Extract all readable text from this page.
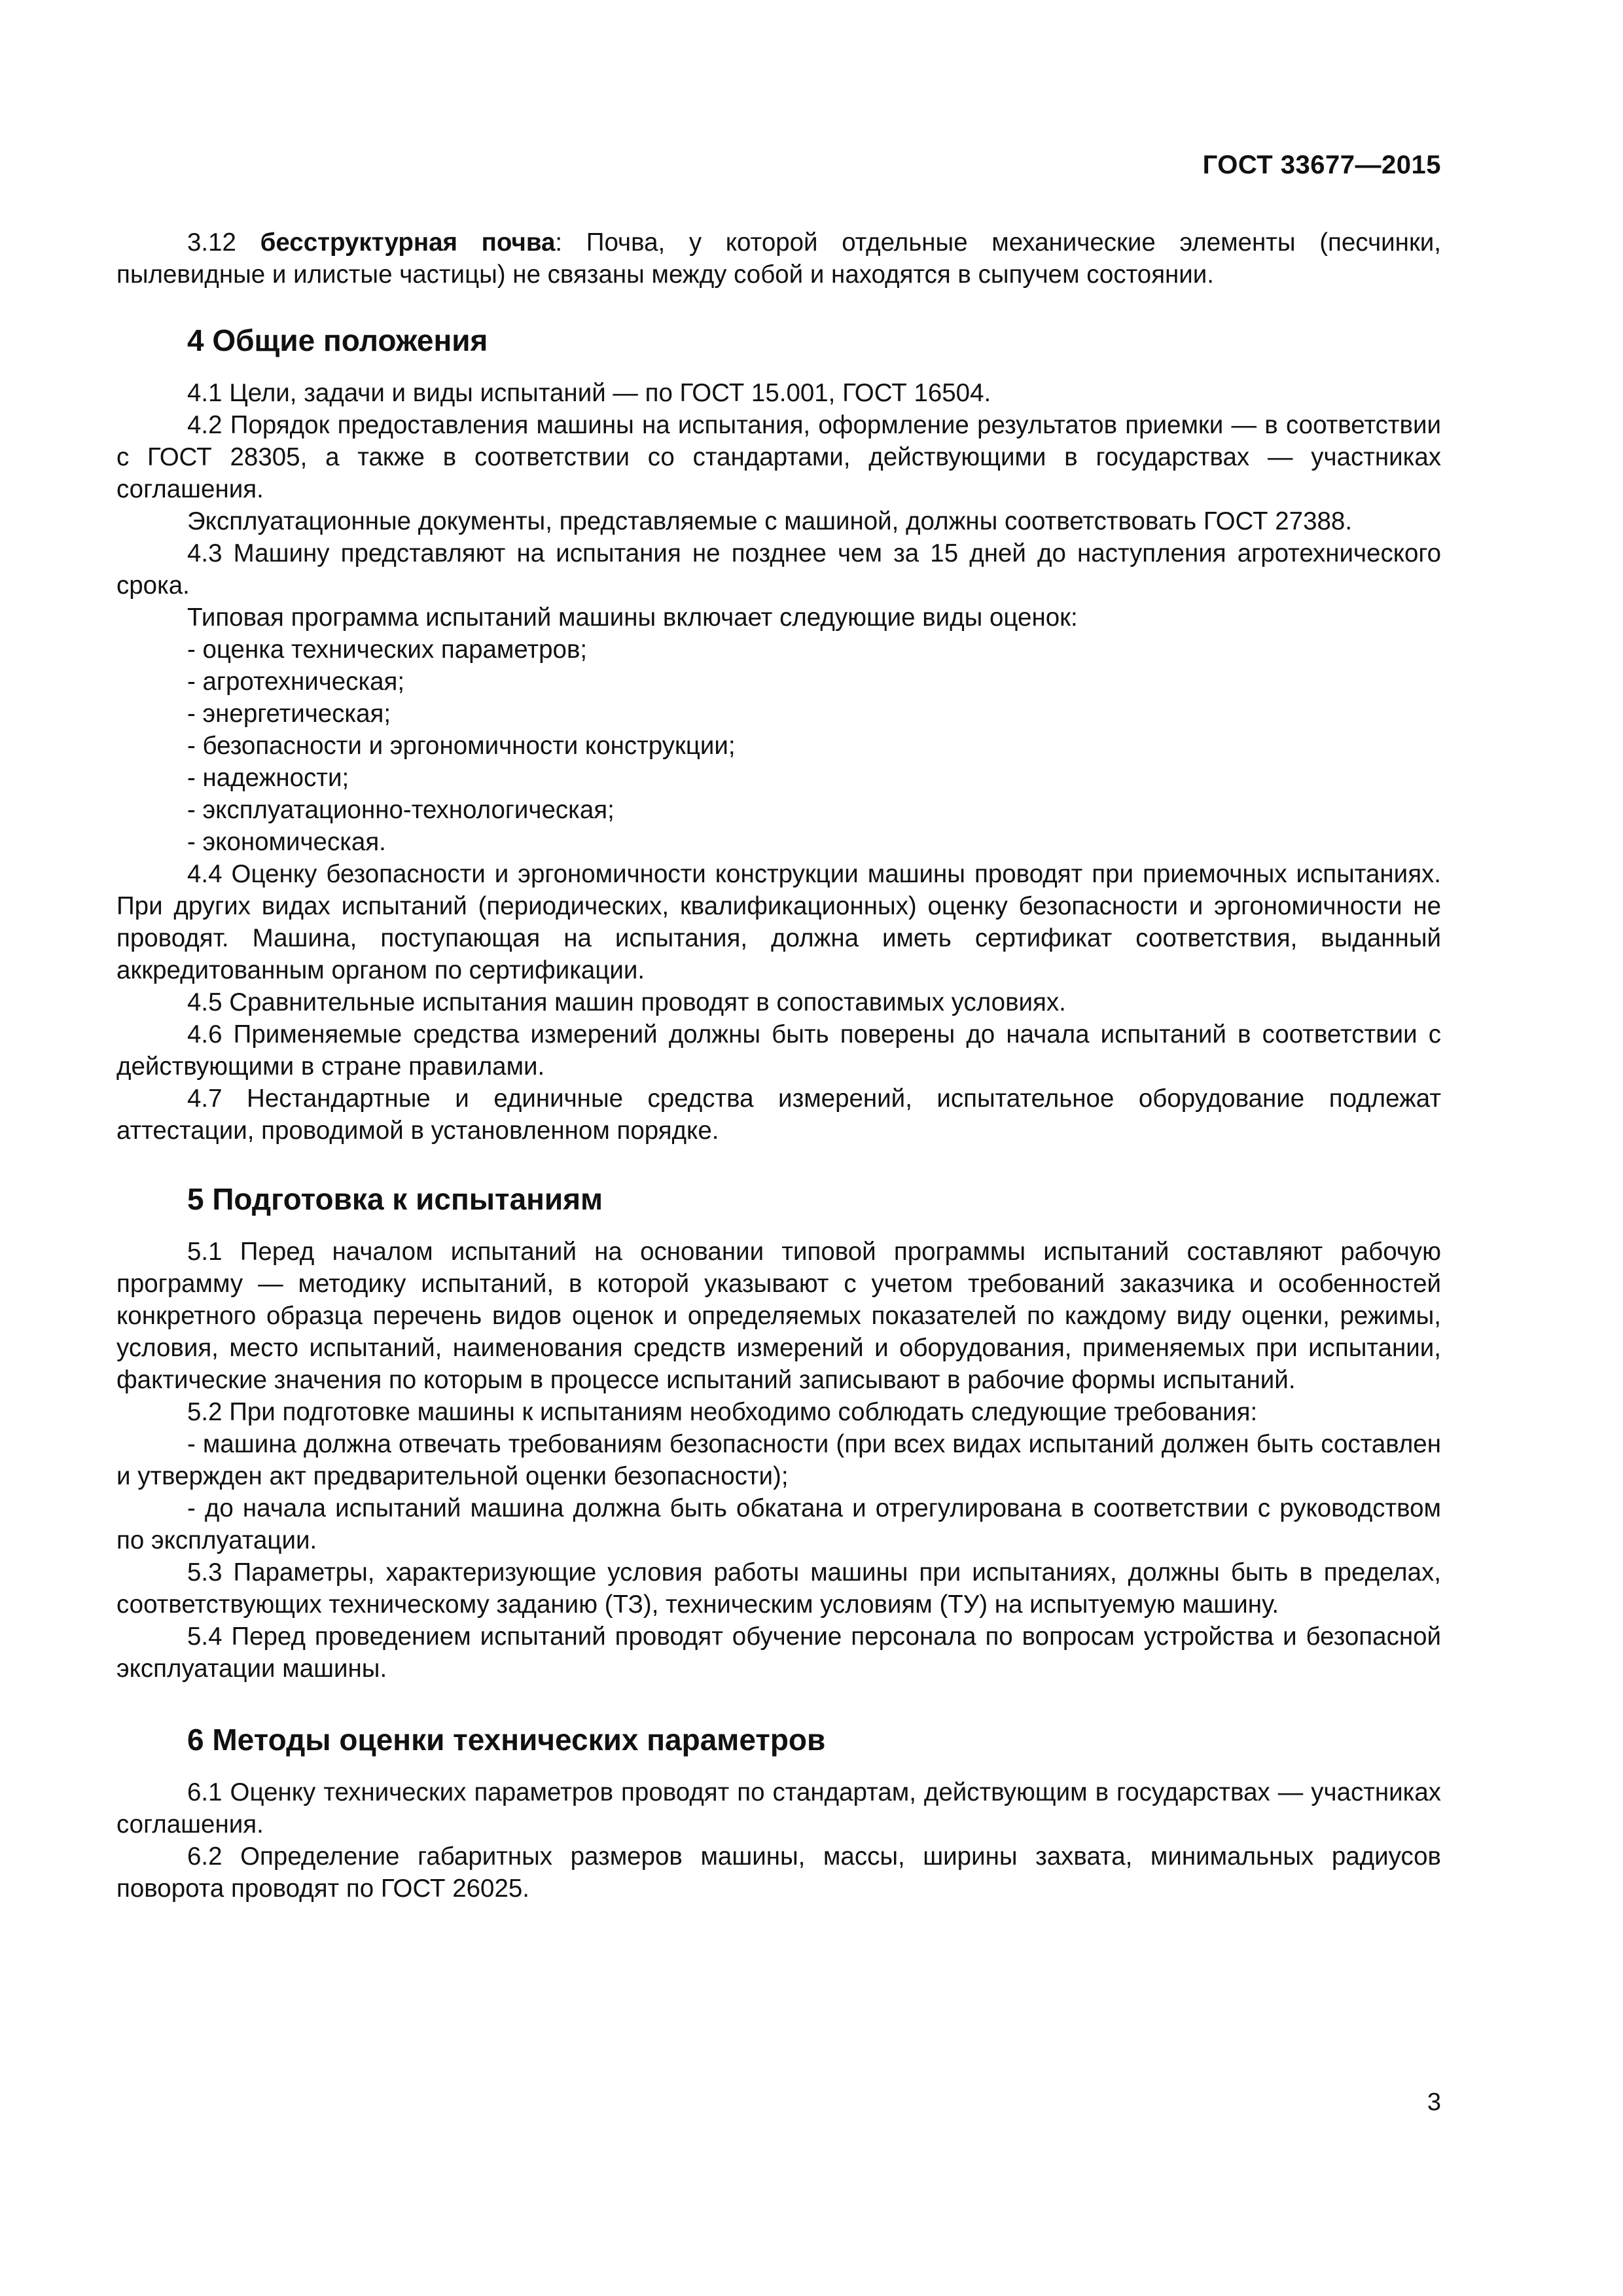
ГОСТ 33677—2015

3.12 бесструктурная почва: Почва, у которой отдельные механические элементы (песчинки, пылевидные и илистые частицы) не связаны между собой и находятся в сыпучем состоянии.

4 Общие положения

4.1 Цели, задачи и виды испытаний — по ГОСТ 15.001, ГОСТ 16504.

4.2 Порядок предоставления машины на испытания, оформление результатов приемки — в соответствии с ГОСТ 28305, а также в соответствии со стандартами, действующими в государствах — участниках соглашения.

Эксплуатационные документы, представляемые с машиной, должны соответствовать ГОСТ 27388.

4.3 Машину представляют на испытания не позднее чем за 15 дней до наступления агротехнического срока.

Типовая программа испытаний машины включает следующие виды оценок:

- оценка технических параметров;

- агротехническая;

- энергетическая;

- безопасности и эргономичности конструкции;

- надежности;

- эксплуатационно-технологическая;

- экономическая.

4.4 Оценку безопасности и эргономичности конструкции машины проводят при приемочных испытаниях. При других видах испытаний (периодических, квалификационных) оценку безопасности и эргономичности не проводят. Машина, поступающая на испытания, должна иметь сертификат соответствия, выданный аккредитованным органом по сертификации.

4.5 Сравнительные испытания машин проводят в сопоставимых условиях.

4.6 Применяемые средства измерений должны быть поверены до начала испытаний в соответствии с действующими в стране правилами.

4.7 Нестандартные и единичные средства измерений, испытательное оборудование подлежат аттестации, проводимой в установленном порядке.

5 Подготовка к испытаниям

5.1 Перед началом испытаний на основании типовой программы испытаний составляют рабочую программу — методику испытаний, в которой указывают с учетом требований заказчика и особенностей конкретного образца перечень видов оценок и определяемых показателей по каждому виду оценки, режимы, условия, место испытаний, наименования средств измерений и оборудования, применяемых при испытании, фактические значения по которым в процессе испытаний записывают в рабочие формы испытаний.

5.2 При подготовке машины к испытаниям необходимо соблюдать следующие требования:

- машина должна отвечать требованиям безопасности (при всех видах испытаний должен быть составлен и утвержден акт предварительной оценки безопасности);

- до начала испытаний машина должна быть обкатана и отрегулирована в соответствии с руководством по эксплуатации.

5.3 Параметры, характеризующие условия работы машины при испытаниях, должны быть в пределах, соответствующих техническому заданию (ТЗ), техническим условиям (ТУ) на испытуемую машину.

5.4 Перед проведением испытаний проводят обучение персонала по вопросам устройства и безопасной эксплуатации машины.

6 Методы оценки технических параметров

6.1 Оценку технических параметров проводят по стандартам, действующим в государствах — участниках соглашения.

6.2 Определение габаритных размеров машины, массы, ширины захвата, минимальных радиусов поворота проводят по ГОСТ 26025.

3
